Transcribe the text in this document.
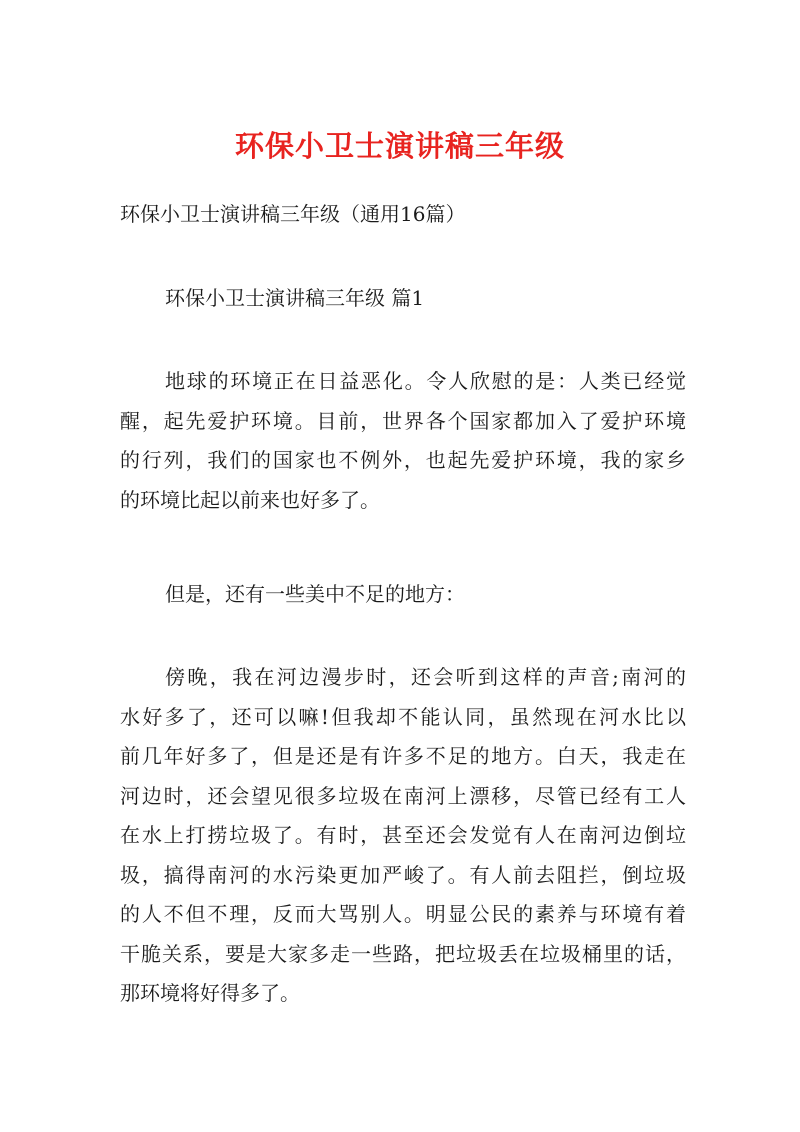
环保小卫士演讲稿三年级
环保小卫士演讲稿三年级（通用16篇）
环保小卫士演讲稿三年级 篇1

地球的环境正在日益恶化。令人欣慰的是：人类已经觉
醒，起先爱护环境。目前，世界各个国家都加入了爱护环境
的行列，我们的国家也不例外，也起先爱护环境，我的家乡
的环境比起以前来也好多了。

但是，还有一些美中不足的地方：

傍晚，我在河边漫步时，还会听到这样的声音;南河的
水好多了，还可以嘛!但我却不能认同，虽然现在河水比以
前几年好多了，但是还是有许多不足的地方。白天，我走在
河边时，还会望见很多垃圾在南河上漂移，尽管已经有工人
在水上打捞垃圾了。有时，甚至还会发觉有人在南河边倒垃
圾，搞得南河的水污染更加严峻了。有人前去阻拦，倒垃圾
的人不但不理，反而大骂别人。明显公民的素养与环境有着
干脆关系，要是大家多走一些路，把垃圾丢在垃圾桶里的话，
那环境将好得多了。
